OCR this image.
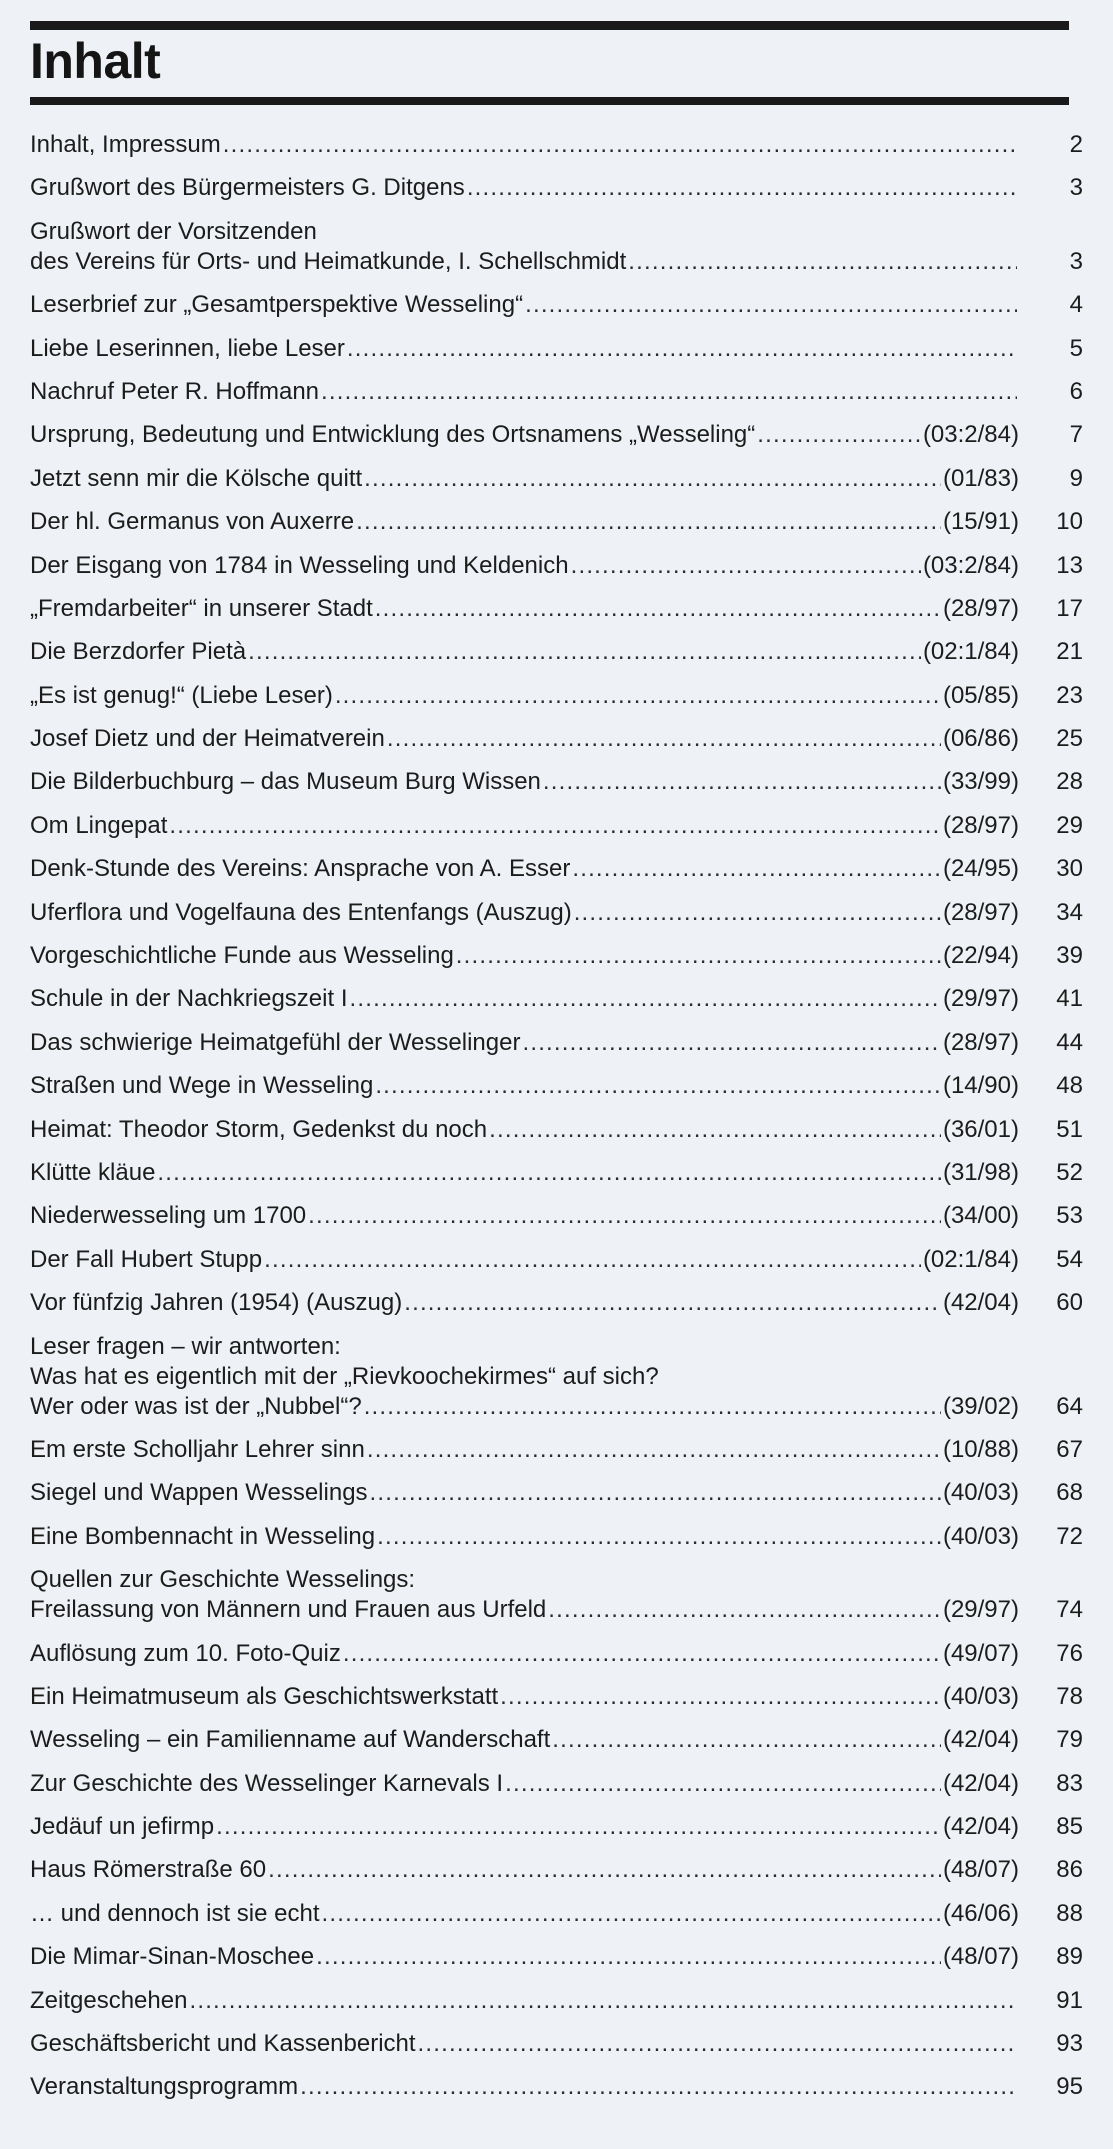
Inhalt
Inhalt, Impressum .....	2
Grußwort des Bürgermeisters G. Ditgens .....	3
Grußwort der Vorsitzenden
des Vereins für Orts- und Heimatkunde, I. Schellschmidt .....	3
Leserbrief zur „Gesamtperspektive Wesseling“ .....	4
Liebe Leserinnen, liebe Leser .....	5
Nachruf Peter R. Hoffmann .....	6
Ursprung, Bedeutung und Entwicklung des Ortsnamens „Wesseling“ .....	(03:2/84)	7
Jetzt senn mir die Kölsche quitt .....	(01/83)	9
Der hl. Germanus von Auxerre .....	(15/91)	10
Der Eisgang von 1784 in Wesseling und Keldenich .....	(03:2/84)	13
„Fremdarbeiter“ in unserer Stadt .....	(28/97)	17
Die Berzdorfer Pietà .....	(02:1/84)	21
„Es ist genug!“ (Liebe Leser) .....	(05/85)	23
Josef Dietz und der Heimatverein .....	(06/86)	25
Die Bilderbuchburg – das Museum Burg Wissen .....	(33/99)	28
Om Lingepat .....	(28/97)	29
Denk-Stunde des Vereins: Ansprache von A. Esser .....	(24/95)	30
Uferflora und Vogelfauna des Entenfangs (Auszug) .....	(28/97)	34
Vorgeschichtliche Funde aus Wesseling .....	(22/94)	39
Schule in der Nachkriegszeit I .....	(29/97)	41
Das schwierige Heimatgefühl der Wesselinger .....	(28/97)	44
Straßen und Wege in Wesseling .....	(14/90)	48
Heimat: Theodor Storm, Gedenkst du noch .....	(36/01)	51
Klütte kläue .....	(31/98)	52
Niederwesseling um 1700 .....	(34/00)	53
Der Fall Hubert Stupp .....	(02:1/84)	54
Vor fünfzig Jahren (1954) (Auszug) .....	(42/04)	60
Leser fragen – wir antworten:
Was hat es eigentlich mit der „Rievkoochekirmes“ auf sich?
Wer oder was ist der „Nubbel“? .....	(39/02)	64
Em erste Scholljahr Lehrer sinn .....	(10/88)	67
Siegel und Wappen Wesselings .....	(40/03)	68
Eine Bombennacht in Wesseling .....	(40/03)	72
Quellen zur Geschichte Wesselings:
Freilassung von Männern und Frauen aus Urfeld .....	(29/97)	74
Auflösung zum 10. Foto-Quiz .....	(49/07)	76
Ein Heimatmuseum als Geschichtswerkstatt .....	(40/03)	78
Wesseling – ein Familienname auf Wanderschaft .....	(42/04)	79
Zur Geschichte des Wesselinger Karnevals I .....	(42/04)	83
Jedäuf un jefirmp .....	(42/04)	85
Haus Römerstraße 60 .....	(48/07)	86
… und dennoch ist sie echt .....	(46/06)	88
Die Mimar-Sinan-Moschee .....	(48/07)	89
Zeitgeschehen .....	91
Geschäftsbericht und Kassenbericht .....	93
Veranstaltungsprogramm .....	95
